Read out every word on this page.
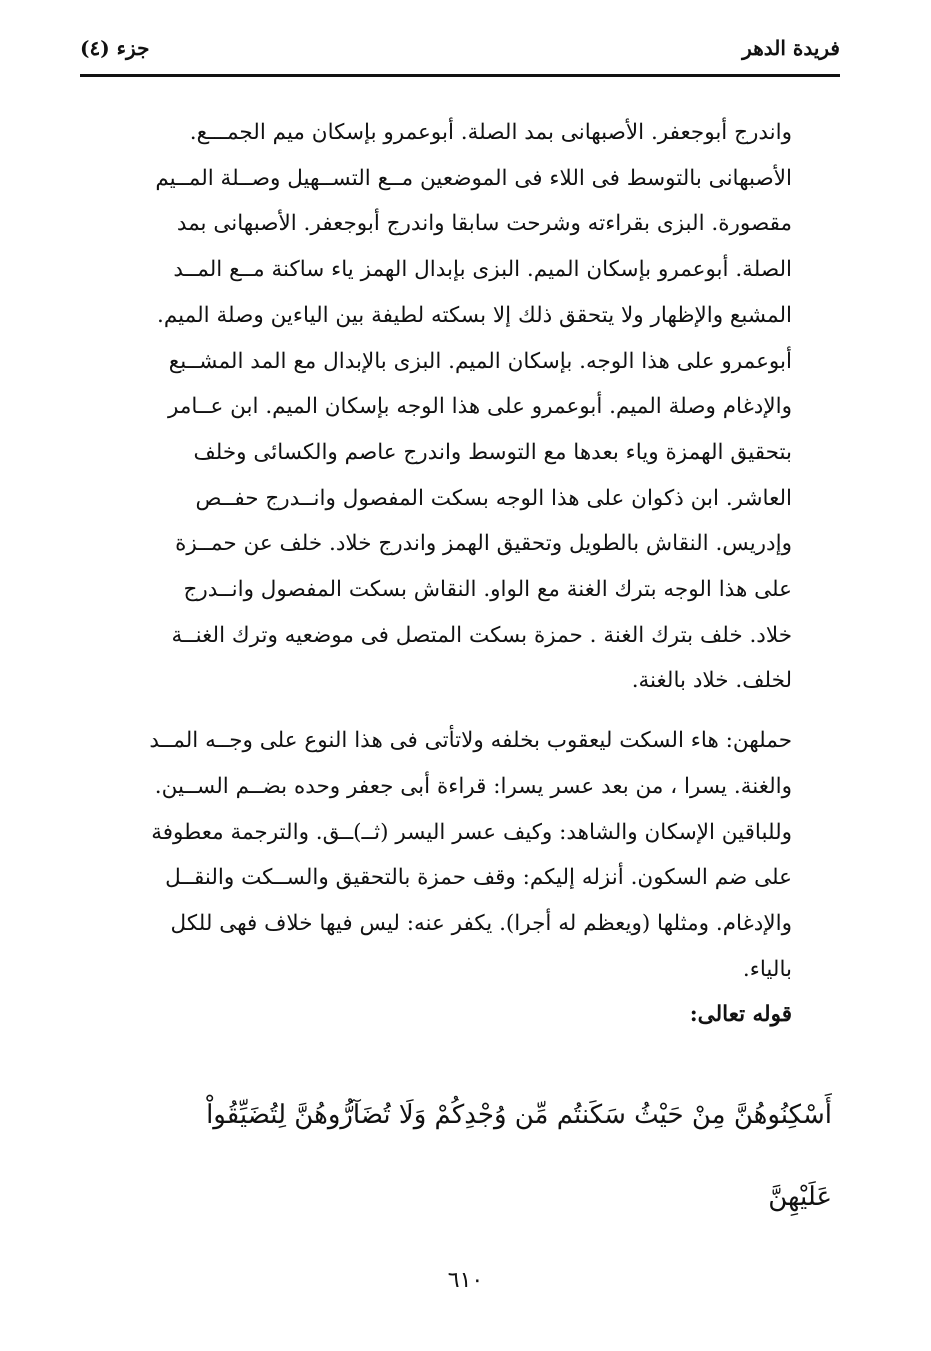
فريدة الدهر
جزء (٤)

واندرج أبوجعفر. الأصبهانى بمد الصلة. أبوعمرو بإسكان ميم الجمـــع.
الأصبهانى بالتوسط فى اللاء فى الموضعين مــع التســهيل وصــلة المــيم
مقصورة. البزى بقراءته وشرحت سابقا واندرج أبوجعفر. الأصبهانى بمد
الصلة. أبوعمرو بإسكان الميم. البزى بإبدال الهمز ياء ساكنة مــع المــد
المشبع والإظهار ولا يتحقق ذلك إلا بسكته لطيفة بين الياءين وصلة الميم.
أبوعمرو على هذا الوجه. بإسكان الميم. البزى بالإبدال مع المد المشــبع
والإدغام وصلة الميم. أبوعمرو على هذا الوجه بإسكان الميم. ابن عــامر
بتحقيق الهمزة وياء بعدها مع التوسط واندرج عاصم والكسائى وخلف
العاشر. ابن ذكوان على هذا الوجه بسكت المفصول وانــدرج حفــص
وإدريس. النقاش بالطويل وتحقيق الهمز واندرج خلاد. خلف عن حمــزة
على هذا الوجه بترك الغنة مع الواو. النقاش بسكت المفصول وانــدرج
خلاد. خلف بترك الغنة . حمزة بسكت المتصل فى موضعيه وترك الغنــة
لخلف. خلاد بالغنة.

حملهن: هاء السكت ليعقوب بخلفه ولاتأتى فى هذا النوع على وجــه المــد
والغنة. يسرا ، من بعد عسر يسرا: قراءة أبى جعفر وحده بضــم الســين.
وللباقين الإسكان والشاهد: وكيف عسر اليسر (ثــ)ــق. والترجمة معطوفة
على ضم السكون. أنزله إليكم: وقف حمزة بالتحقيق والســكت والنقــل
والإدغام. ومثلها (ويعظم له أجرا). يكفر عنه: ليس فيها خلاف فهى للكل
بالياء.
قوله تعالى:

أَسْكِنُوهُنَّ مِنْ حَيْثُ سَكَنتُم مِّن وُجْدِكُمْ وَلَا تُضَآرُّوهُنَّ لِتُضَيِّقُواْ
عَلَيْهِنَّ
٦١٠
